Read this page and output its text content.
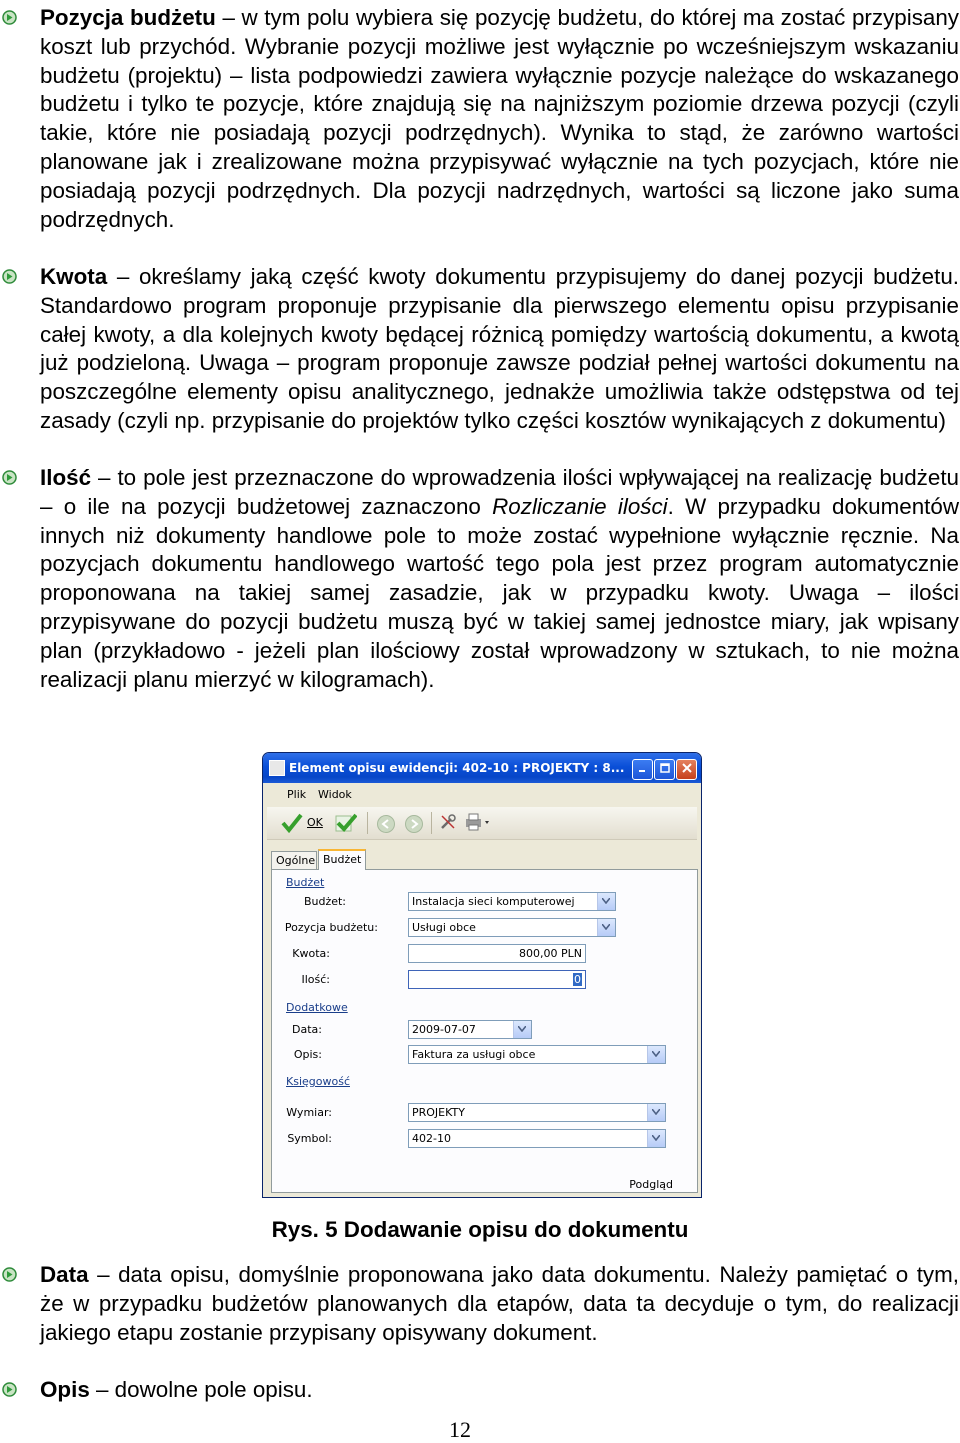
Pozycja budżetu – w tym polu wybiera się pozycję budżetu, do której ma zostać przypisany koszt lub przychód. Wybranie pozycji możliwe jest wyłącznie po wcześniejszym wskazaniu budżetu (projektu) – lista podpowiedzi zawiera wyłącznie pozycje należące do wskazanego budżetu i tylko te pozycje, które znajdują się na najniższym poziomie drzewa pozycji (czyli takie, które nie posiadają pozycji podrzędnych). Wynika to stąd, że zarówno wartości planowane jak i zrealizowane można przypisywać wyłącznie na tych pozycjach, które nie posiadają pozycji podrzędnych. Dla pozycji nadrzędnych, wartości są liczone jako suma podrzędnych.

Kwota – określamy jaką część kwoty dokumentu przypisujemy do danej pozycji budżetu. Standardowo program proponuje przypisanie dla pierwszego elementu opisu przypisanie całej kwoty, a dla kolejnych kwoty będącej różnicą pomiędzy wartością dokumentu, a kwotą już podzieloną. Uwaga – program proponuje zawsze podział pełnej wartości dokumentu na poszczególne elementy opisu analitycznego, jednakże umożliwia także odstępstwa od tej zasady (czyli np. przypisanie do projektów tylko części kosztów wynikających z dokumentu)

Ilość – to pole jest przeznaczone do wprowadzenia ilości wpływającej na realizację budżetu – o ile na pozycji budżetowej zaznaczono Rozliczanie ilości. W przypadku dokumentów innych niż dokumenty handlowe pole to może zostać wypełnione wyłącznie ręcznie. Na pozycjach dokumentu handlowego wartość tego pola jest przez program automatycznie proponowana na takiej samej zasadzie, jak w przypadku kwoty. Uwaga – ilości przypisywane do pozycji budżetu muszą być w takiej samej jednostce miary, jak wpisany plan (przykładowo - jeżeli plan ilościowy został wprowadzony w sztukach, to nie można realizacji planu mierzyć w kilogramach).

Element opisu ewidencji: 402-10 : PROJEKTY : 8...
Plik Widok
OK
Ogólne Budżet
Budżet
Budżet:	Instalacja sieci komputerowej
Pozycja budżetu:	Usługi obce
Kwota:	800,00 PLN
Ilość:	0
Dodatkowe
Data:	2009-07-07
Opis:	Faktura za usługi obce
Księgowość
Wymiar:	PROJEKTY
Symbol:	402-10
Podgląd
Rys. 5 Dodawanie opisu do dokumentu

Data – data opisu, domyślnie proponowana jako data dokumentu. Należy pamiętać o tym, że w przypadku budżetów planowanych dla etapów, data ta decyduje o tym, do realizacji jakiego etapu zostanie przypisany opisywany dokument.

Opis – dowolne pole opisu.

12
